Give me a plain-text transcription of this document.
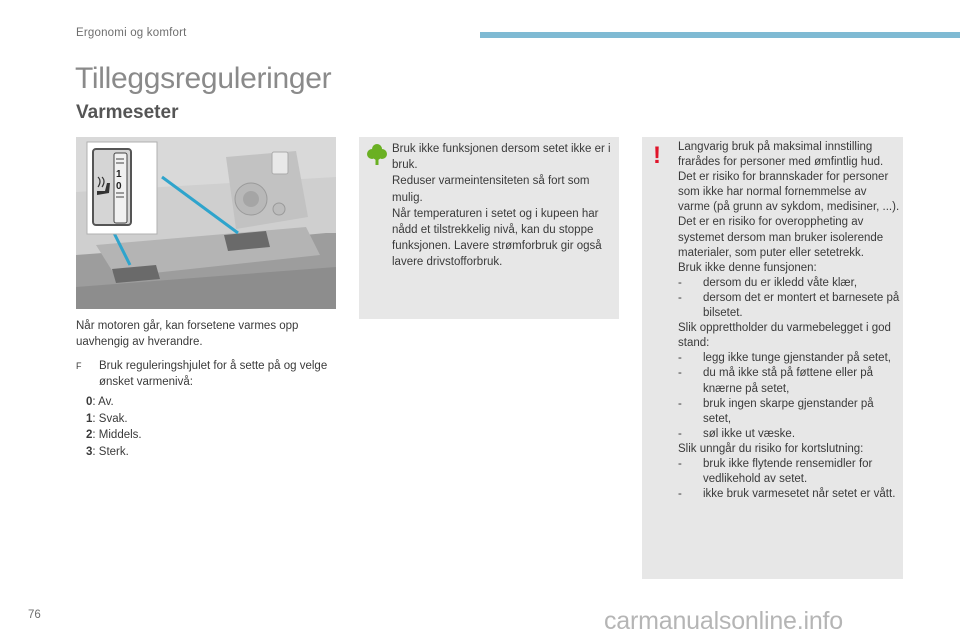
Ergonomi og komfort
Tilleggsreguleringer
Varmeseter
1
0

Når motoren går, kan forsetene varmes opp uavhengig av hverandre.

F Bruk reguleringshjulet for å sette på og velge ønsket varmenivå:

0: Av.
1: Svak.
2: Middels.
3: Sterk.
Bruk ikke funksjonen dersom setet ikke er i bruk.
Reduser varmeintensiteten så fort som mulig.
Når temperaturen i setet og i kupeen har nådd et tilstrekkelig nivå, kan du stoppe funksjonen. Lavere strømforbruk gir også lavere drivstofforbruk.
! Langvarig bruk på maksimal innstilling frarådes for personer med ømfintlig hud.
Det er risiko for brannskader for personer som ikke har normal fornemmelse av varme (på grunn av sykdom, medisiner, ...).
Det er en risiko for overoppheting av systemet dersom man bruker isolerende materialer, som puter eller setetrekk.
Bruk ikke denne funsjonen:
- dersom du er ikledd våte klær,
- dersom det er montert et barnesete på bilsetet.
Slik opprettholder du varmebelegget i god stand:
- legg ikke tunge gjenstander på setet,
- du må ikke stå på føttene eller på knærne på setet,
- bruk ingen skarpe gjenstander på setet,
- søl ikke ut væske.
Slik unngår du risiko for kortslutning:
- bruk ikke flytende rensemidler for vedlikehold av setet.
- ikke bruk varmesetet når setet er vått.
76	carmanualsonline.info
